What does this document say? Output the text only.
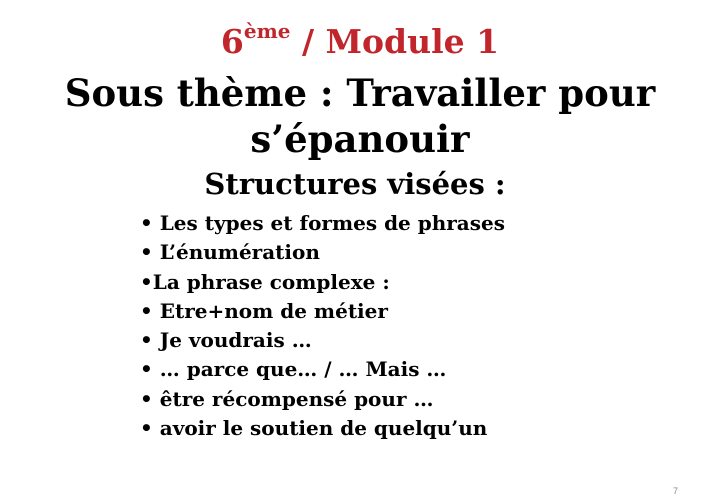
6ème / Module 1
Sous thème : Travailler pour s’épanouir
Structures visées :
• Les types et formes de phrases
• L’énumération
•La phrase complexe :
• Etre+nom de métier
• Je voudrais …
• … parce que… / … Mais …
• être récompensé pour …
• avoir le soutien de quelqu’un
7
